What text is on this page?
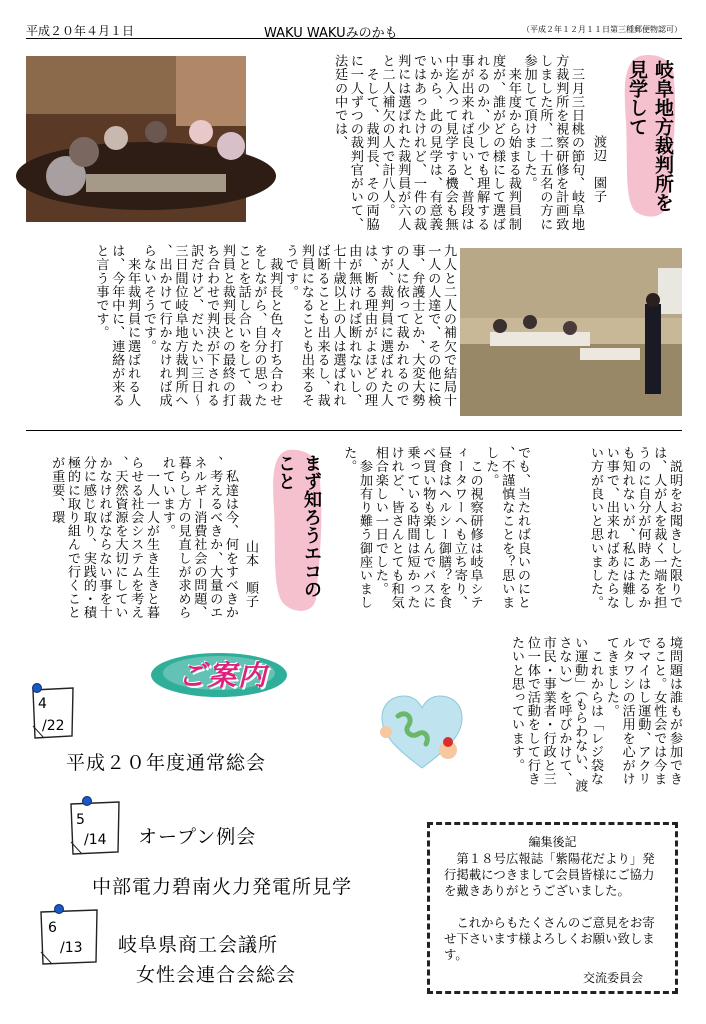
平成２０年４月１日	WAKU WAKUみのかも	（平成２年１２月１１日第三種郵便物認可）
岐阜地方裁判所を見学して
渡辺　園子
　三月三日桃の節句、岐阜地方裁判所を視察研修を計画致しました所、二十五名の方に参加して頂けました。
　来年度から始まる裁判員制度が、誰がどの様にして選ばれるのか、少しでも理解する事が出来れば良いと、普段は中迄入って見学する機会も無いから、此の見学は、有意義ではあったけれど、一件の裁判には選ばれた裁判員が六人と二人補欠の人で計八人。
　そして、裁判長、その両脇に一人ずつの裁判官がいて、法廷の中では、
九人と二人の補欠で結局十一人の人達で、その他に検事、弁護士とか、大変大勢の人に依って裁かれるのですが、裁判員に選ばれた人は、断る理由がよほどの理由が無ければ断れないし、七十歳以上の人は選ばれれば断ることも出来るし、裁判員になることも出来るそうです。
　裁判長と色々打ち合わせをしながら、自分の思ったことを話し合いをして、裁判員と裁判長との最終の打ち合わせで判決が下される訳だけど、だいたい三日～三日間位岐阜地方裁判所へ、出かけて行かなければ成らないそうです。
　来年裁判員に選ばれる人は、今年中に、連絡が来ると言う事です。
　説明をお聞きした限りでは、人が人を裁く一端を担うのに自分が何時あたるかも知れないが、私には難しい事で、出来ればあたらない方が良いと思いました。
でも、当たれば良いのにと、不謹慎なことを？思いました。
　この視察研修は岐阜シティータワーへも立ち寄り、昼食はヘルシー御膳？を食べ買い物も楽しんでバスに乗っている時間は短かったけれど、皆さんとても和気相合楽しい一日でした。
　参加有り難う御座いました。
まず知ろうエコのこと
山本　順子
　私達は今、何をすべきか、考えるべきか、大量のエネルギー消費社会の問題、暮らし方の見直しが求められています。
　一人一人が生き生きと暮らせる社会システムを考え、天然資源を大切にしていかなければならない事を十分に感じ取り、実践的・積極的に取り組んで行くことが重要、環
境問題は誰もが参加できること。女性会では今までマイはし運動、アクリルタワシの活用を心がけてきました。
　これからは「レジ袋ない運動」（もらわない、渡さない）を呼びかけて、市民・事業者・行政と三位一体で活動をして行きたいと思っています。
ご案内
4
/22
平成２０年度通常総会
5
/14 オープン例会
中部電力碧南火力発電所見学
6
/13 岐阜県商工会議所
女性会連合会総会
編集後記
　第１８号広報誌「紫陽花だより」発行掲載につきまして会員皆様にご協力を戴きありがとうございました。
　これからもたくさんのご意見をお寄せ下さいます様よろしくお願い致します。
交流委員会
